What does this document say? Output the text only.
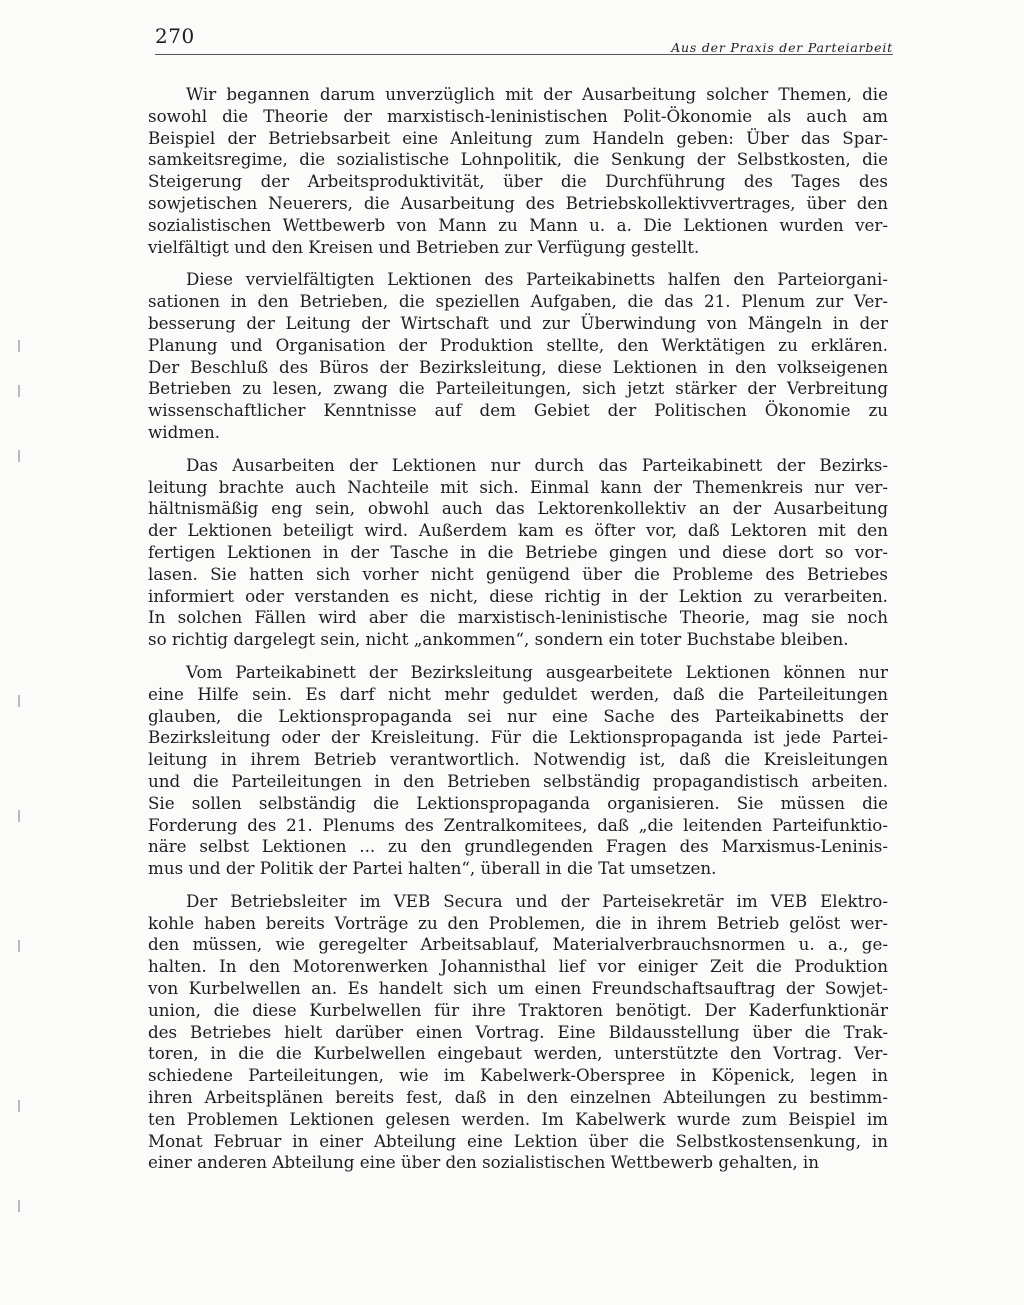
270	Aus der Praxis der Parteiarbeit
Wir begannen darum unverzüglich mit der Ausarbeitung solcher Themen, die
sowohl die Theorie der marxistisch-leninistischen Polit-Ökonomie als auch am
Beispiel der Betriebsarbeit eine Anleitung zum Handeln geben: Über das Spar-
samkeitsregime, die sozialistische Lohnpolitik, die Senkung der Selbstkosten, die
Steigerung der Arbeitsproduktivität, über die Durchführung des Tages des
sowjetischen Neuerers, die Ausarbeitung des Betriebskollektivvertrages, über den
sozialistischen Wettbewerb von Mann zu Mann u. a. Die Lektionen wurden ver-
vielfältigt und den Kreisen und Betrieben zur Verfügung gestellt.
Diese vervielfältigten Lektionen des Parteikabinetts halfen den Parteiorgani-
sationen in den Betrieben, die speziellen Aufgaben, die das 21. Plenum zur Ver-
besserung der Leitung der Wirtschaft und zur Überwindung von Mängeln in der
Planung und Organisation der Produktion stellte, den Werktätigen zu erklären.
Der Beschluß des Büros der Bezirksleitung, diese Lektionen in den volkseigenen
Betrieben zu lesen, zwang die Parteileitungen, sich jetzt stärker der Verbreitung
wissenschaftlicher Kenntnisse auf dem Gebiet der Politischen Ökonomie zu
widmen.
Das Ausarbeiten der Lektionen nur durch das Parteikabinett der Bezirks-
leitung brachte auch Nachteile mit sich. Einmal kann der Themenkreis nur ver-
hältnismäßig eng sein, obwohl auch das Lektorenkollektiv an der Ausarbeitung
der Lektionen beteiligt wird. Außerdem kam es öfter vor, daß Lektoren mit den
fertigen Lektionen in der Tasche in die Betriebe gingen und diese dort so vor-
lasen. Sie hatten sich vorher nicht genügend über die Probleme des Betriebes
informiert oder verstanden es nicht, diese richtig in der Lektion zu verarbeiten.
In solchen Fällen wird aber die marxistisch-leninistische Theorie, mag sie noch
so richtig dargelegt sein, nicht „ankommen“, sondern ein toter Buchstabe bleiben.
Vom Parteikabinett der Bezirksleitung ausgearbeitete Lektionen können nur
eine Hilfe sein. Es darf nicht mehr geduldet werden, daß die Parteileitungen
glauben, die Lektionspropaganda sei nur eine Sache des Parteikabinetts der
Bezirksleitung oder der Kreisleitung. Für die Lektionspropaganda ist jede Partei-
leitung in ihrem Betrieb verantwortlich. Notwendig ist, daß die Kreisleitungen
und die Parteileitungen in den Betrieben selbständig propagandistisch arbeiten.
Sie sollen selbständig die Lektionspropaganda organisieren. Sie müssen die
Forderung des 21. Plenums des Zentralkomitees, daß „die leitenden Parteifunktio-
näre selbst Lektionen ... zu den grundlegenden Fragen des Marxismus-Leninis-
mus und der Politik der Partei halten“, überall in die Tat umsetzen.
Der Betriebsleiter im VEB Secura und der Parteisekretär im VEB Elektro-
kohle haben bereits Vorträge zu den Problemen, die in ihrem Betrieb gelöst wer-
den müssen, wie geregelter Arbeitsablauf, Materialverbrauchsnormen u. a., ge-
halten. In den Motorenwerken Johannisthal lief vor einiger Zeit die Produktion
von Kurbelwellen an. Es handelt sich um einen Freundschaftsauftrag der Sowjet-
union, die diese Kurbelwellen für ihre Traktoren benötigt. Der Kaderfunktionär
des Betriebes hielt darüber einen Vortrag. Eine Bildausstellung über die Trak-
toren, in die die Kurbelwellen eingebaut werden, unterstützte den Vortrag. Ver-
schiedene Parteileitungen, wie im Kabelwerk-Oberspree in Köpenick, legen in
ihren Arbeitsplänen bereits fest, daß in den einzelnen Abteilungen zu bestimm-
ten Problemen Lektionen gelesen werden. Im Kabelwerk wurde zum Beispiel im
Monat Februar in einer Abteilung eine Lektion über die Selbstkostensenkung, in
einer anderen Abteilung eine über den sozialistischen Wettbewerb gehalten, in
